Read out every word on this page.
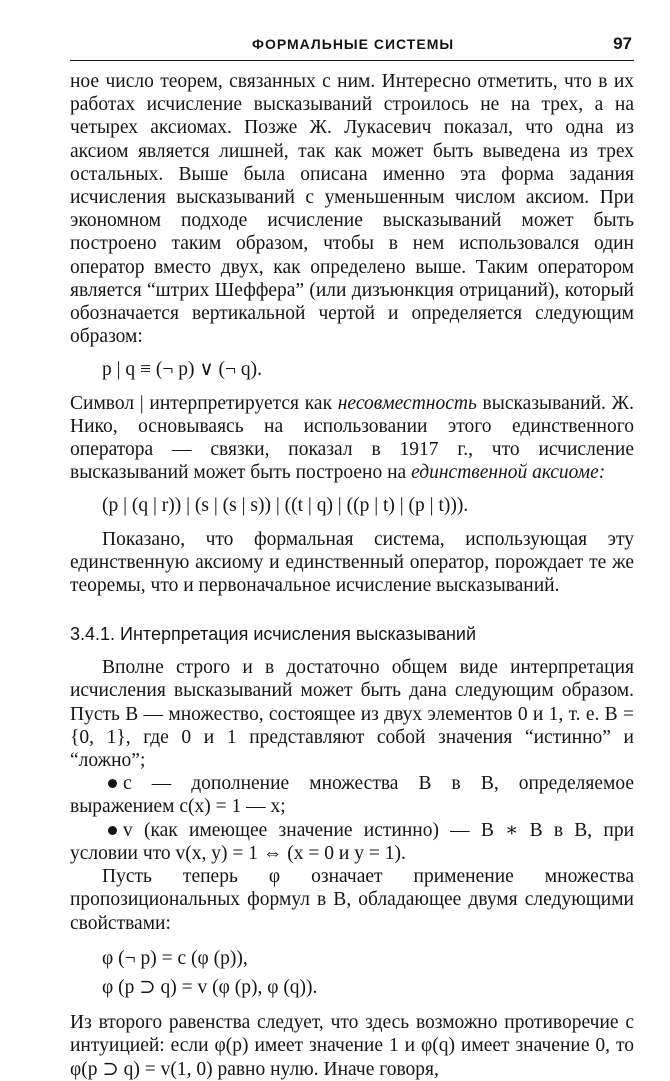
ФОРМАЛЬНЫЕ СИСТЕМЫ	97

ное число теорем, связанных с ним. Интересно отметить, что в их работах исчисление высказываний строилось не на трех, а на четырех аксиомах. Позже Ж. Лукасевич показал, что одна из аксиом является лишней, так как может быть выведена из трех остальных. Выше была описана именно эта форма задания исчисления высказываний с уменьшенным числом аксиом. При экономном подходе исчисление высказываний может быть построено таким образом, чтобы в нем использовался один оператор вместо двух, как определено выше. Таким оператором является “штрих Шеффера” (или дизъюнкция отрицаний), который обозначается вертикальной чертой и определяется следующим образом:

p | q ≡ (¬ p) ∨ (¬ q).

Символ | интерпретируется как несовместность высказываний. Ж. Нико, основываясь на использовании этого единственного оператора — связки, показал в 1917 г., что исчисление высказываний может быть построено на единственной аксиоме:

(p | (q | r)) | (s | (s | s)) | ((t | q) | ((p | t) | (p | t))).

Показано, что формальная система, использующая эту единственную аксиому и единственный оператор, порождает те же теоремы, что и первоначальное исчисление высказываний.

3.4.1. Интерпретация исчисления высказываний

Вполне строго и в достаточно общем виде интерпретация исчисления высказываний может быть дана следующим образом. Пусть B — множество, состоящее из двух элементов 0 и 1, т. е. B = {0, 1}, где 0 и 1 представляют собой значения “истинно” и “ложно”;

c — дополнение множества B в B, определяемое выражением c(x) = 1 — x;

v (как имеющее значение истинно) — B ∗ B в B, при условии что v(x, y) = 1 ⇔ (x = 0 и y = 1).

Пусть теперь φ означает применение множества пропозициональных формул в B, обладающее двумя следующими свойствами:

φ (¬ p) = c (φ (p)),
φ (p ⊃ q) = v (φ (p), φ (q)).

Из второго равенства следует, что здесь возможно противоречие с интуицией: если φ(p) имеет значение 1 и φ(q) имеет значение 0, то φ(p ⊃ q) = v(1, 0) равно нулю. Иначе говоря,
